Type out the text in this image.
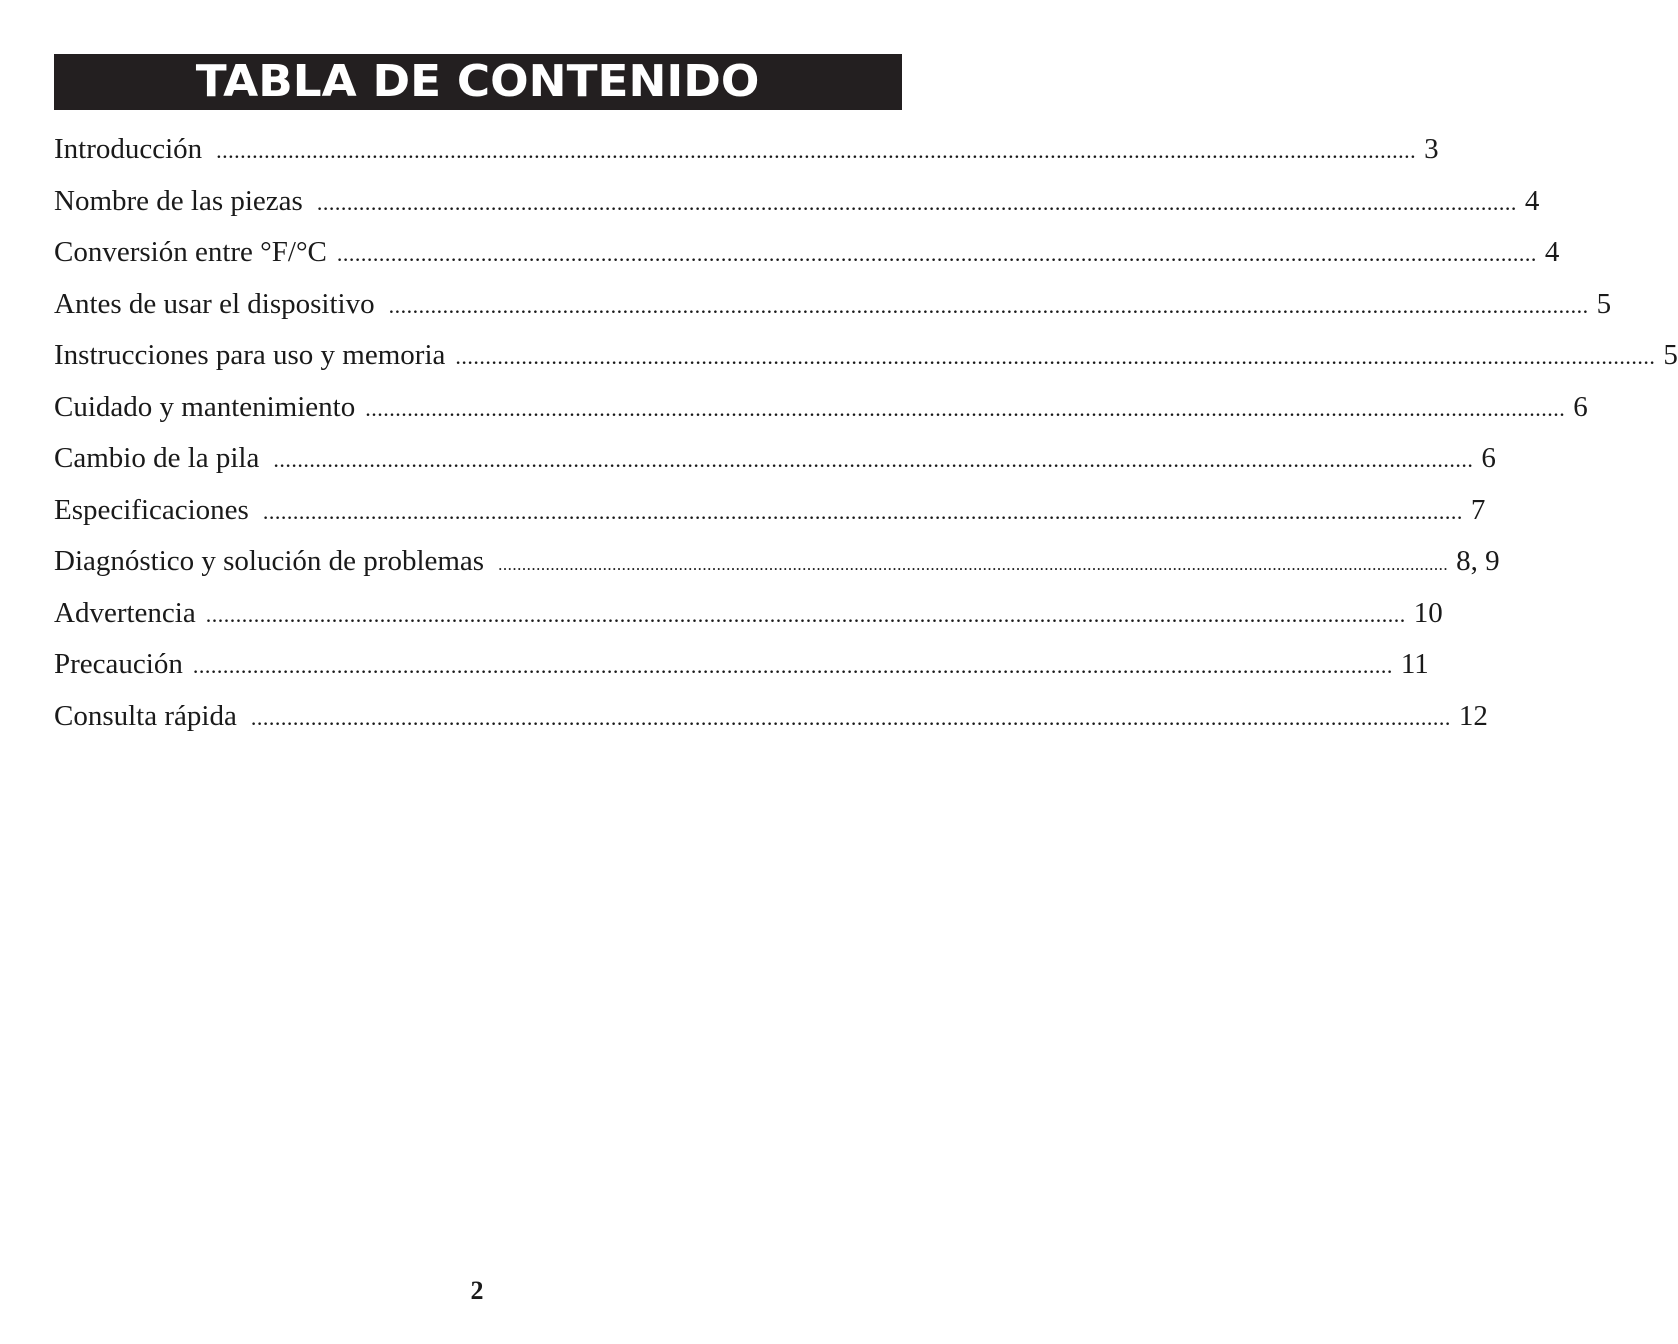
TABLA DE CONTENIDO
Introducción ........................................................................................................................................................................................................ 3
Nombre de las piezas ........................................................................................................................................................................................................ 4
Conversión entre °F/°C ........................................................................................................................................................................................................ 4
Antes de usar el dispositivo ........................................................................................................................................................................................................ 5
Instrucciones para uso y memoria ........................................................................................................................................................................................................ 5
Cuidado y mantenimiento ........................................................................................................................................................................................................ 6
Cambio de la pila ........................................................................................................................................................................................................ 6
Especificaciones ........................................................................................................................................................................................................ 7
Diagnóstico y solución de problemas ........................................................................................................................................................................................................ 8, 9
Advertencia ........................................................................................................................................................................................................ 10
Precaución ........................................................................................................................................................................................................ 11
Consulta rápida ........................................................................................................................................................................................................ 12
2
